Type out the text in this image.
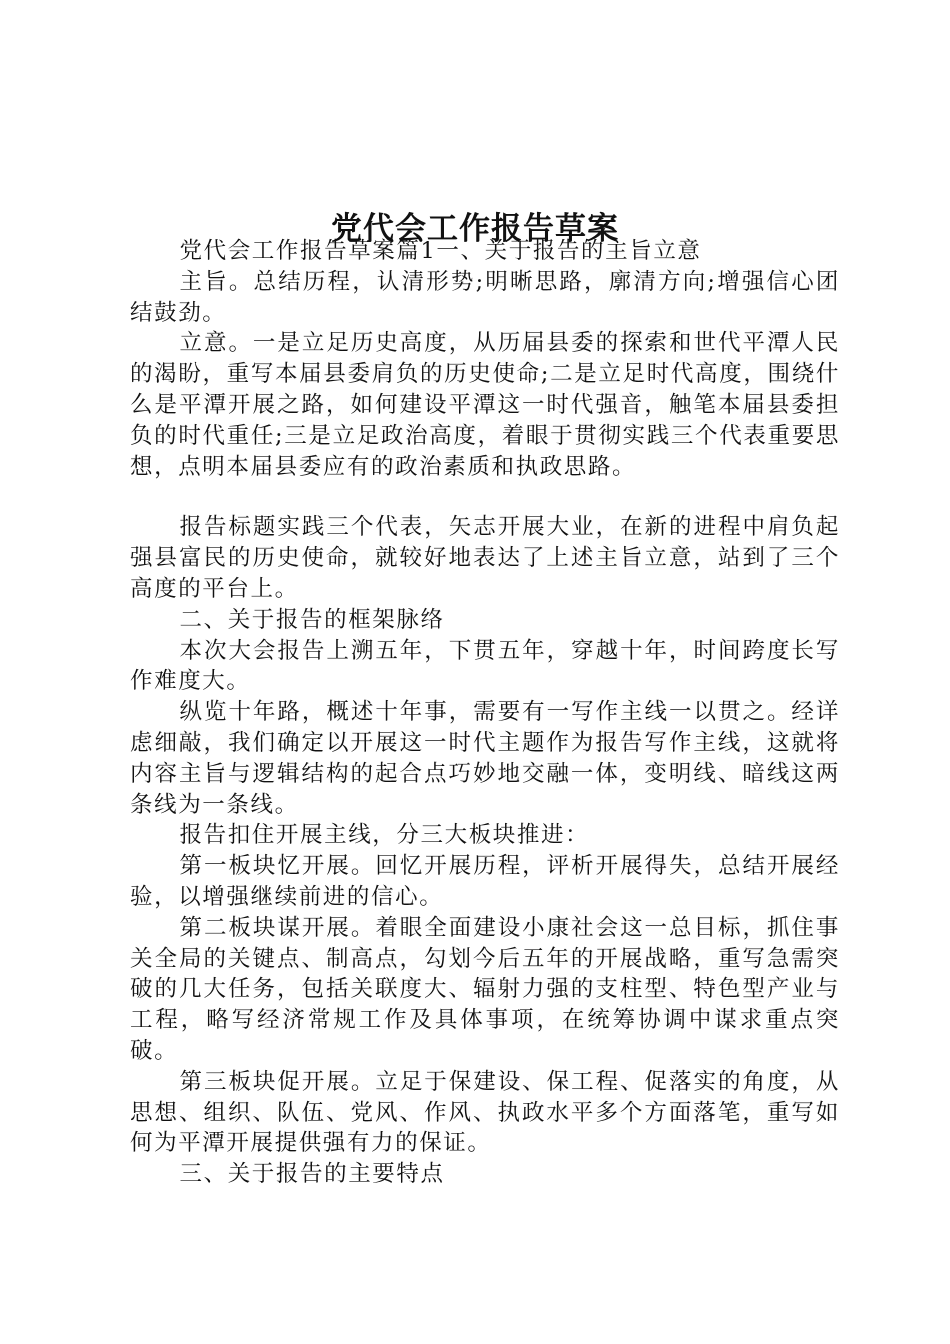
党代会工作报告草案

党代会工作报告草案篇1一、关于报告的主旨立意

主旨。总结历程，认清形势;明晰思路，廓清方向;增强信心团结鼓劲。

立意。一是立足历史高度，从历届县委的探索和世代平潭人民的渴盼，重写本届县委肩负的历史使命;二是立足时代高度，围绕什么是平潭开展之路，如何建设平潭这一时代强音，触笔本届县委担负的时代重任;三是立足政治高度，着眼于贯彻实践三个代表重要思想，点明本届县委应有的政治素质和执政思路。

报告标题实践三个代表，矢志开展大业，在新的进程中肩负起强县富民的历史使命，就较好地表达了上述主旨立意，站到了三个高度的平台上。

二、关于报告的框架脉络

本次大会报告上溯五年，下贯五年，穿越十年，时间跨度长写作难度大。

纵览十年路，概述十年事，需要有一写作主线一以贯之。经详虑细敲，我们确定以开展这一时代主题作为报告写作主线，这就将内容主旨与逻辑结构的起合点巧妙地交融一体，变明线、暗线这两条线为一条线。

报告扣住开展主线，分三大板块推进：

第一板块忆开展。回忆开展历程，评析开展得失，总结开展经验，以增强继续前进的信心。

第二板块谋开展。着眼全面建设小康社会这一总目标，抓住事关全局的关键点、制高点，勾划今后五年的开展战略，重写急需突破的几大任务，包括关联度大、辐射力强的支柱型、特色型产业与工程，略写经济常规工作及具体事项，在统筹协调中谋求重点突破。

第三板块促开展。立足于保建设、保工程、促落实的角度，从思想、组织、队伍、党风、作风、执政水平多个方面落笔，重写如何为平潭开展提供强有力的保证。

三、关于报告的主要特点
